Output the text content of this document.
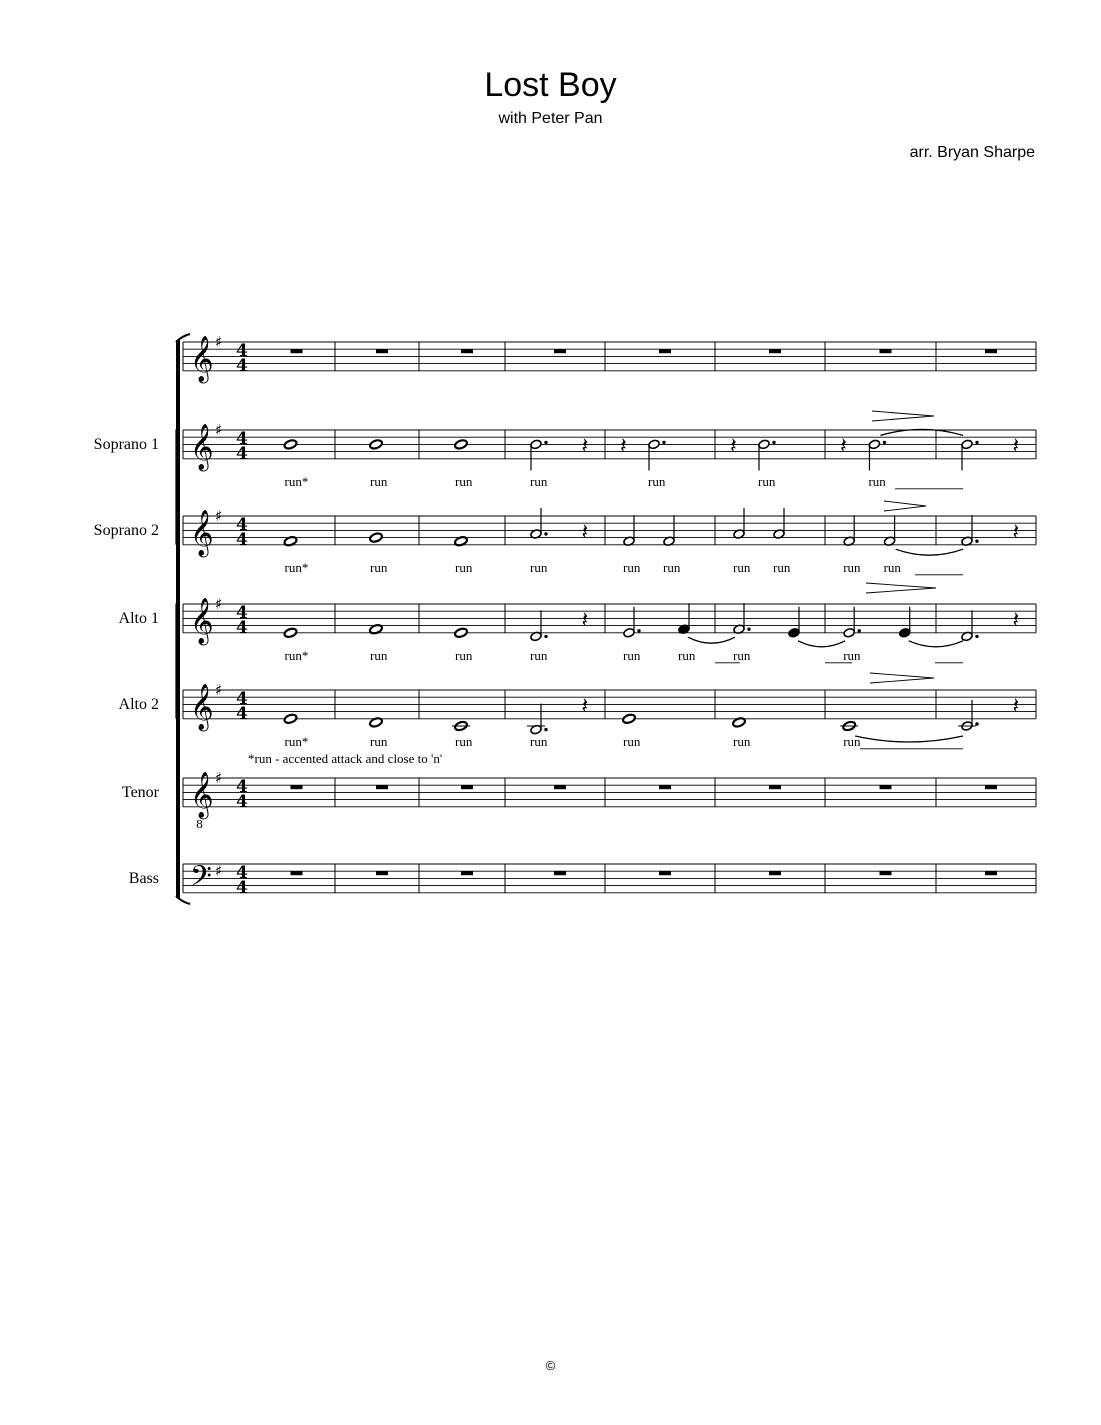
Lost Boy
with Peter Pan
arr. Bryan Sharpe
𝄞 ♯ 4
4
Soprano 1 𝄞 ♯ 4
4
Soprano 2 𝄞 ♯ 4
4
Alto 1 𝄞 ♯ 4
4
Alto 2 𝄞 ♯ 4
4
Tenor 𝄞
8
♯ 4
4
Bass 𝄢 ♯ 4
4
𝄽 𝄽	𝄽	𝄽	𝄽
run*	run	run	run	run	run	run
𝄽	𝄽
run*	run	run	run	run run	run run	run run
𝄽	𝄽
run*	run	run	run	run	run	run	run
𝄽	𝄽
run*	run	run	run	run	run	run
*run - accented attack and close to 'n'
©
